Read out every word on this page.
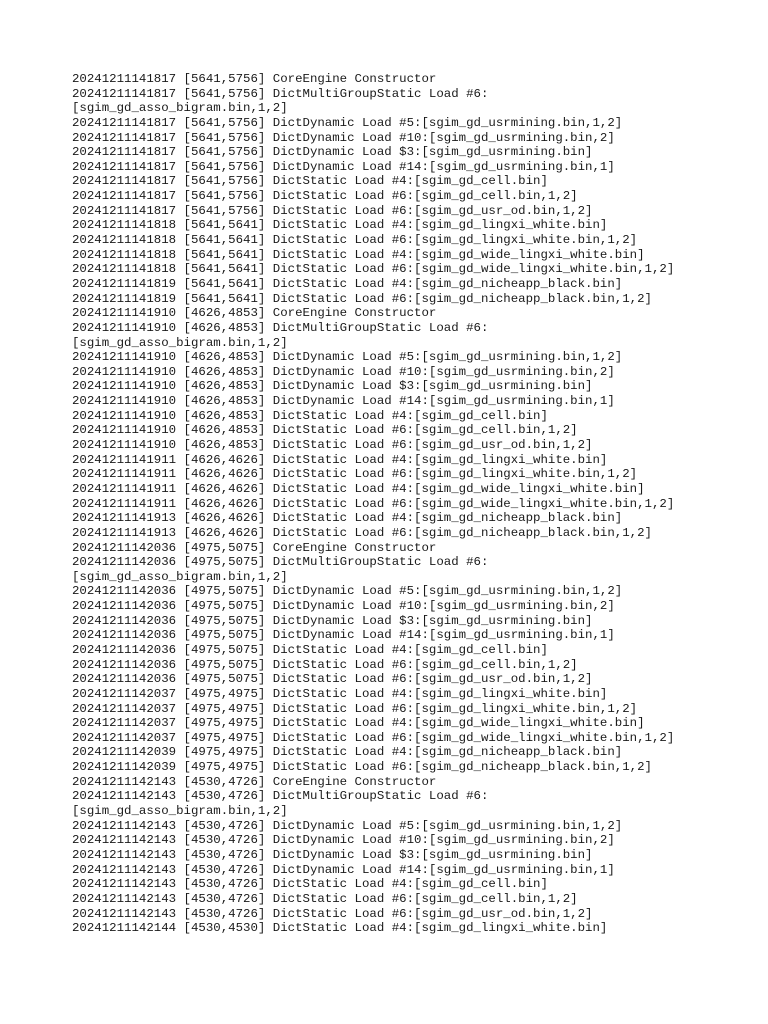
20241211141817 [5641,5756] CoreEngine Constructor
20241211141817 [5641,5756] DictMultiGroupStatic Load #6:
[sgim_gd_asso_bigram.bin,1,2]
20241211141817 [5641,5756] DictDynamic Load #5:[sgim_gd_usrmining.bin,1,2]
20241211141817 [5641,5756] DictDynamic Load #10:[sgim_gd_usrmining.bin,2]
20241211141817 [5641,5756] DictDynamic Load $3:[sgim_gd_usrmining.bin]
20241211141817 [5641,5756] DictDynamic Load #14:[sgim_gd_usrmining.bin,1]
20241211141817 [5641,5756] DictStatic Load #4:[sgim_gd_cell.bin]
20241211141817 [5641,5756] DictStatic Load #6:[sgim_gd_cell.bin,1,2]
20241211141817 [5641,5756] DictStatic Load #6:[sgim_gd_usr_od.bin,1,2]
20241211141818 [5641,5641] DictStatic Load #4:[sgim_gd_lingxi_white.bin]
20241211141818 [5641,5641] DictStatic Load #6:[sgim_gd_lingxi_white.bin,1,2]
20241211141818 [5641,5641] DictStatic Load #4:[sgim_gd_wide_lingxi_white.bin]
20241211141818 [5641,5641] DictStatic Load #6:[sgim_gd_wide_lingxi_white.bin,1,2]
20241211141819 [5641,5641] DictStatic Load #4:[sgim_gd_nicheapp_black.bin]
20241211141819 [5641,5641] DictStatic Load #6:[sgim_gd_nicheapp_black.bin,1,2]
20241211141910 [4626,4853] CoreEngine Constructor
20241211141910 [4626,4853] DictMultiGroupStatic Load #6:
[sgim_gd_asso_bigram.bin,1,2]
20241211141910 [4626,4853] DictDynamic Load #5:[sgim_gd_usrmining.bin,1,2]
20241211141910 [4626,4853] DictDynamic Load #10:[sgim_gd_usrmining.bin,2]
20241211141910 [4626,4853] DictDynamic Load $3:[sgim_gd_usrmining.bin]
20241211141910 [4626,4853] DictDynamic Load #14:[sgim_gd_usrmining.bin,1]
20241211141910 [4626,4853] DictStatic Load #4:[sgim_gd_cell.bin]
20241211141910 [4626,4853] DictStatic Load #6:[sgim_gd_cell.bin,1,2]
20241211141910 [4626,4853] DictStatic Load #6:[sgim_gd_usr_od.bin,1,2]
20241211141911 [4626,4626] DictStatic Load #4:[sgim_gd_lingxi_white.bin]
20241211141911 [4626,4626] DictStatic Load #6:[sgim_gd_lingxi_white.bin,1,2]
20241211141911 [4626,4626] DictStatic Load #4:[sgim_gd_wide_lingxi_white.bin]
20241211141911 [4626,4626] DictStatic Load #6:[sgim_gd_wide_lingxi_white.bin,1,2]
20241211141913 [4626,4626] DictStatic Load #4:[sgim_gd_nicheapp_black.bin]
20241211141913 [4626,4626] DictStatic Load #6:[sgim_gd_nicheapp_black.bin,1,2]
20241211142036 [4975,5075] CoreEngine Constructor
20241211142036 [4975,5075] DictMultiGroupStatic Load #6:
[sgim_gd_asso_bigram.bin,1,2]
20241211142036 [4975,5075] DictDynamic Load #5:[sgim_gd_usrmining.bin,1,2]
20241211142036 [4975,5075] DictDynamic Load #10:[sgim_gd_usrmining.bin,2]
20241211142036 [4975,5075] DictDynamic Load $3:[sgim_gd_usrmining.bin]
20241211142036 [4975,5075] DictDynamic Load #14:[sgim_gd_usrmining.bin,1]
20241211142036 [4975,5075] DictStatic Load #4:[sgim_gd_cell.bin]
20241211142036 [4975,5075] DictStatic Load #6:[sgim_gd_cell.bin,1,2]
20241211142036 [4975,5075] DictStatic Load #6:[sgim_gd_usr_od.bin,1,2]
20241211142037 [4975,4975] DictStatic Load #4:[sgim_gd_lingxi_white.bin]
20241211142037 [4975,4975] DictStatic Load #6:[sgim_gd_lingxi_white.bin,1,2]
20241211142037 [4975,4975] DictStatic Load #4:[sgim_gd_wide_lingxi_white.bin]
20241211142037 [4975,4975] DictStatic Load #6:[sgim_gd_wide_lingxi_white.bin,1,2]
20241211142039 [4975,4975] DictStatic Load #4:[sgim_gd_nicheapp_black.bin]
20241211142039 [4975,4975] DictStatic Load #6:[sgim_gd_nicheapp_black.bin,1,2]
20241211142143 [4530,4726] CoreEngine Constructor
20241211142143 [4530,4726] DictMultiGroupStatic Load #6:
[sgim_gd_asso_bigram.bin,1,2]
20241211142143 [4530,4726] DictDynamic Load #5:[sgim_gd_usrmining.bin,1,2]
20241211142143 [4530,4726] DictDynamic Load #10:[sgim_gd_usrmining.bin,2]
20241211142143 [4530,4726] DictDynamic Load $3:[sgim_gd_usrmining.bin]
20241211142143 [4530,4726] DictDynamic Load #14:[sgim_gd_usrmining.bin,1]
20241211142143 [4530,4726] DictStatic Load #4:[sgim_gd_cell.bin]
20241211142143 [4530,4726] DictStatic Load #6:[sgim_gd_cell.bin,1,2]
20241211142143 [4530,4726] DictStatic Load #6:[sgim_gd_usr_od.bin,1,2]
20241211142144 [4530,4530] DictStatic Load #4:[sgim_gd_lingxi_white.bin]
